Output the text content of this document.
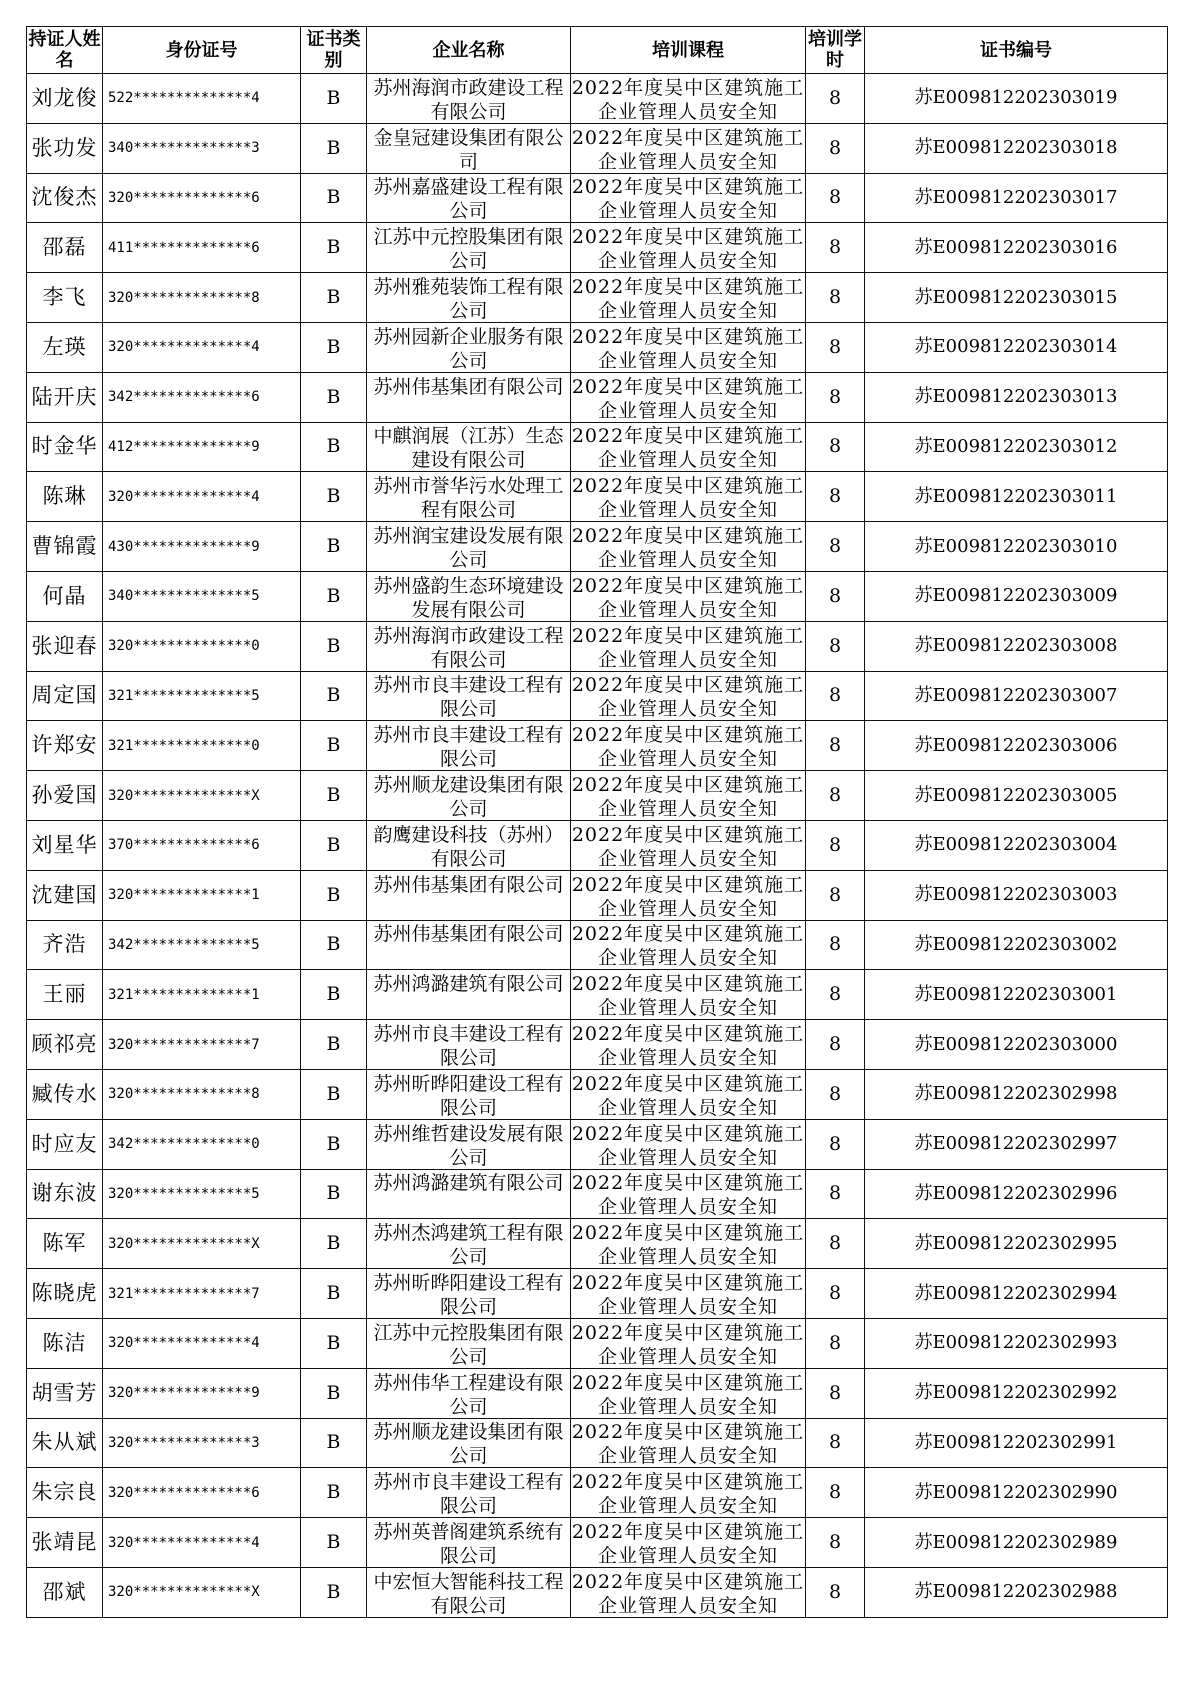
持证人姓名	身份证号	证书类别	企业名称	培训课程	培训学时	证书编号
刘龙俊	522**************4	B	苏州海润市政建设工程有限公司	2022年度吴中区建筑施工企业管理人员安全知	8	苏E009812202303019
张功发	340**************3	B	金皇冠建设集团有限公司	2022年度吴中区建筑施工企业管理人员安全知	8	苏E009812202303018
沈俊杰	320**************6	B	苏州嘉盛建设工程有限公司	2022年度吴中区建筑施工企业管理人员安全知	8	苏E009812202303017
邵磊	411**************6	B	江苏中元控股集团有限公司	2022年度吴中区建筑施工企业管理人员安全知	8	苏E009812202303016
李飞	320**************8	B	苏州雅苑装饰工程有限公司	2022年度吴中区建筑施工企业管理人员安全知	8	苏E009812202303015
左瑛	320**************4	B	苏州园新企业服务有限公司	2022年度吴中区建筑施工企业管理人员安全知	8	苏E009812202303014
陆开庆	342**************6	B	苏州伟基集团有限公司	2022年度吴中区建筑施工企业管理人员安全知	8	苏E009812202303013
时金华	412**************9	B	中麒润展（江苏）生态建设有限公司	2022年度吴中区建筑施工企业管理人员安全知	8	苏E009812202303012
陈琳	320**************4	B	苏州市誉华污水处理工程有限公司	2022年度吴中区建筑施工企业管理人员安全知	8	苏E009812202303011
曹锦霞	430**************9	B	苏州润宝建设发展有限公司	2022年度吴中区建筑施工企业管理人员安全知	8	苏E009812202303010
何晶	340**************5	B	苏州盛韵生态环境建设发展有限公司	2022年度吴中区建筑施工企业管理人员安全知	8	苏E009812202303009
张迎春	320**************0	B	苏州海润市政建设工程有限公司	2022年度吴中区建筑施工企业管理人员安全知	8	苏E009812202303008
周定国	321**************5	B	苏州市良丰建设工程有限公司	2022年度吴中区建筑施工企业管理人员安全知	8	苏E009812202303007
许郑安	321**************0	B	苏州市良丰建设工程有限公司	2022年度吴中区建筑施工企业管理人员安全知	8	苏E009812202303006
孙爱国	320**************X	B	苏州顺龙建设集团有限公司	2022年度吴中区建筑施工企业管理人员安全知	8	苏E009812202303005
刘星华	370**************6	B	韵鹰建设科技（苏州）有限公司	2022年度吴中区建筑施工企业管理人员安全知	8	苏E009812202303004
沈建国	320**************1	B	苏州伟基集团有限公司	2022年度吴中区建筑施工企业管理人员安全知	8	苏E009812202303003
齐浩	342**************5	B	苏州伟基集团有限公司	2022年度吴中区建筑施工企业管理人员安全知	8	苏E009812202303002
王丽	321**************1	B	苏州鸿潞建筑有限公司	2022年度吴中区建筑施工企业管理人员安全知	8	苏E009812202303001
顾祁亮	320**************7	B	苏州市良丰建设工程有限公司	2022年度吴中区建筑施工企业管理人员安全知	8	苏E009812202303000
臧传水	320**************8	B	苏州昕晔阳建设工程有限公司	2022年度吴中区建筑施工企业管理人员安全知	8	苏E009812202302998
时应友	342**************0	B	苏州维哲建设发展有限公司	2022年度吴中区建筑施工企业管理人员安全知	8	苏E009812202302997
谢东波	320**************5	B	苏州鸿潞建筑有限公司	2022年度吴中区建筑施工企业管理人员安全知	8	苏E009812202302996
陈军	320**************X	B	苏州杰鸿建筑工程有限公司	2022年度吴中区建筑施工企业管理人员安全知	8	苏E009812202302995
陈晓虎	321**************7	B	苏州昕晔阳建设工程有限公司	2022年度吴中区建筑施工企业管理人员安全知	8	苏E009812202302994
陈洁	320**************4	B	江苏中元控股集团有限公司	2022年度吴中区建筑施工企业管理人员安全知	8	苏E009812202302993
胡雪芳	320**************9	B	苏州伟华工程建设有限公司	2022年度吴中区建筑施工企业管理人员安全知	8	苏E009812202302992
朱从斌	320**************3	B	苏州顺龙建设集团有限公司	2022年度吴中区建筑施工企业管理人员安全知	8	苏E009812202302991
朱宗良	320**************6	B	苏州市良丰建设工程有限公司	2022年度吴中区建筑施工企业管理人员安全知	8	苏E009812202302990
张靖昆	320**************4	B	苏州英普阁建筑系统有限公司	2022年度吴中区建筑施工企业管理人员安全知	8	苏E009812202302989
邵斌	320**************X	B	中宏恒大智能科技工程有限公司	2022年度吴中区建筑施工企业管理人员安全知	8	苏E009812202302988
